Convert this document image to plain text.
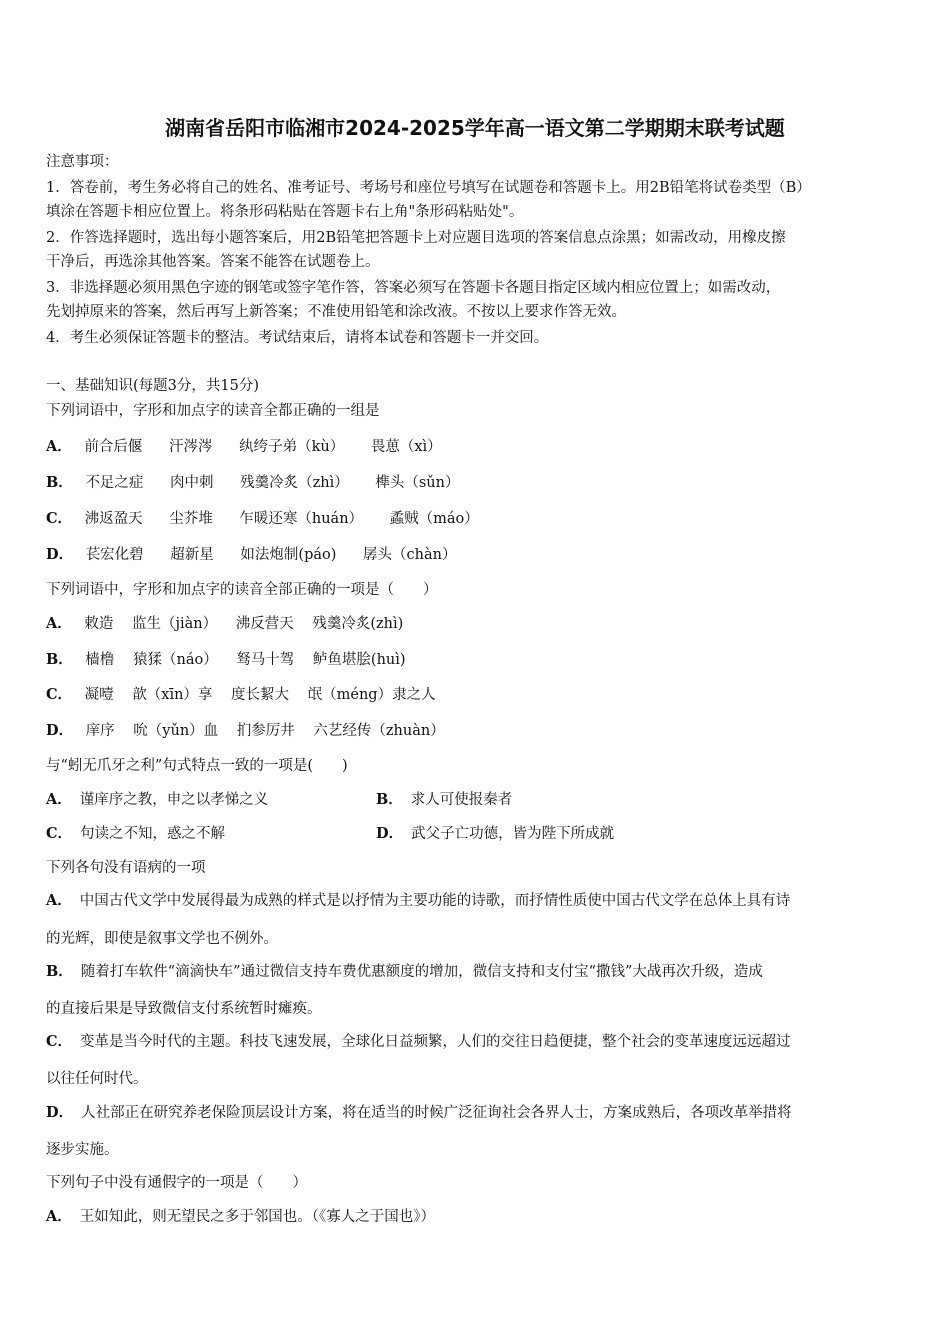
湖南省岳阳市临湘市2024-2025学年高一语文第二学期期末联考试题
注意事项：
1．答卷前，考生务必将自己的姓名、准考证号、考场号和座位号填写在试题卷和答题卡上。用2B铅笔将试卷类型（B）
填涂在答题卡相应位置上。将条形码粘贴在答题卡右上角"条形码粘贴处"。
2．作答选择题时，选出每小题答案后，用2B铅笔把答题卡上对应题目选项的答案信息点涂黑；如需改动，用橡皮擦
干净后，再选涂其他答案。答案不能答在试题卷上。
3．非选择题必须用黑色字迹的钢笔或签字笔作答，答案必须写在答题卡各题目指定区域内相应位置上；如需改动，
先划掉原来的答案，然后再写上新答案；不准使用铅笔和涂改液。不按以上要求作答无效。
4．考生必须保证答题卡的整洁。考试结束后，请将本试卷和答题卡一并交回。
一、基础知识(每题3分，共15分)
下列词语中，字形和加点字的读音全都正确的一组是
A． 前合后偃 汗涔涔 纨绔子弟（kù） 畏葸（xì）
B． 不足之症 肉中刺 残羹冷炙（zhì） 榫头（sǔn）
C． 沸返盈天 尘芥堆 乍暖还寒（huán） 蟊贼（máo）
D． 苌宏化碧 超新星 如法炮制(páo) 孱头（chàn）
下列词语中，字形和加点字的读音全部正确的一项是（　　）
A． 敕造 监生（jiàn） 沸反营天 残羹冷炙(zhì)
B． 樯橹 猿猱（náo） 驽马十驾 鲈鱼堪脍(huì)
C． 凝噎 歆（xīn）享 度长絜大 氓（méng）隶之人
D． 庠序 吮（yǔn）血 扪参厉井 六艺经传（zhuàn）
与“蚓无爪牙之利”句式特点一致的一项是(　　)
A． 谨庠序之教，申之以孝悌之义	B． 求人可使报秦者
C． 句读之不知，惑之不解	D． 武父子亡功德，皆为陛下所成就
下列各句没有语病的一项
A． 中国古代文学中发展得最为成熟的样式是以抒情为主要功能的诗歌，而抒情性质使中国古代文学在总体上具有诗
的光辉，即使是叙事文学也不例外。
B． 随着打车软件“滴滴快车”通过微信支持车费优惠额度的增加，微信支持和支付宝“撒钱”大战再次升级，造成
的直接后果是导致微信支付系统暂时瘫痪。
C． 变革是当今时代的主题。科技飞速发展，全球化日益频繁，人们的交往日趋便捷，整个社会的变革速度远远超过
以往任何时代。
D． 人社部正在研究养老保险顶层设计方案，将在适当的时候广泛征询社会各界人士，方案成熟后，各项改革举措将
逐步实施。
下列句子中没有通假字的一项是（　　）
A． 王如知此，则无望民之多于邻国也。（《寡人之于国也》）
